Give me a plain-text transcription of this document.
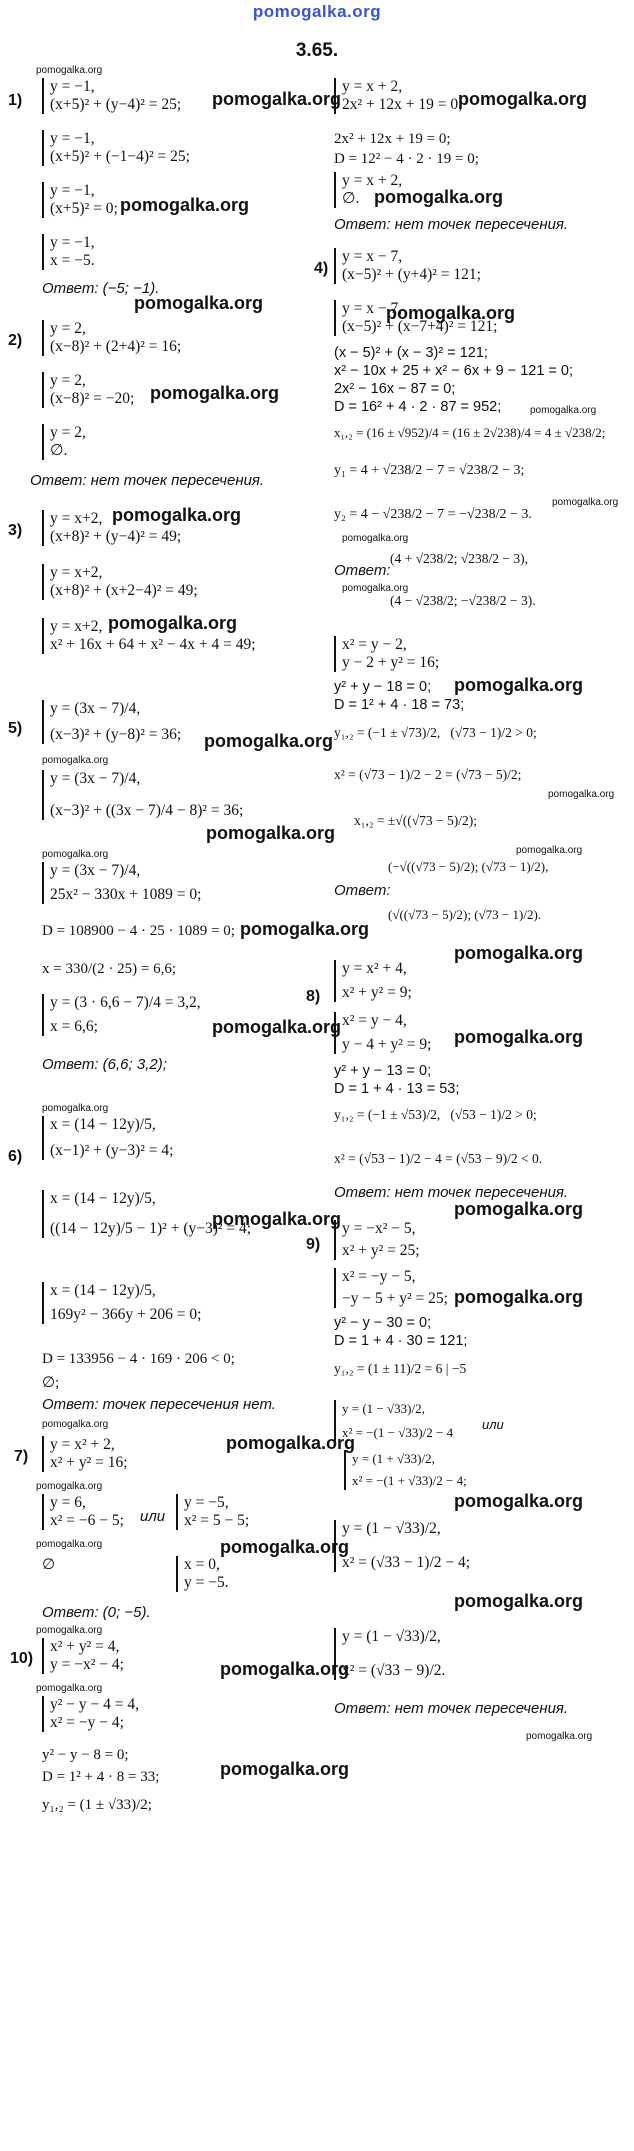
pomogalka.org
3.65.
pomogalka.org
1)
y = −1,
(x+5)² + (y−4)² = 25; pomogalka.org
y = −1,
(x+5)² + (−1−4)² = 25;
y = −1,
(x+5)² = 0; pomogalka.org
y = −1,
x = −5.
Ответ: (−5; −1).
pomogalka.org
2)
y = 2,
(x−8)² + (2+4)² = 16;
y = 2,
(x−8)² = −20; pomogalka.org
y = 2,
∅.
Ответ: нет точек пересечения.
3)
y = x+2,
(x+8)² + (y−4)² = 49;
pomogalka.org
y = x+2,
(x+8)² + (x+2−4)² = 49;
y = x+2,
x² + 16x + 64 + x² − 4x + 4 = 49;
pomogalka.org
5)
y = (3x − 7)/4,
(x−3)² + (y−8)² = 36; pomogalka.org
pomogalka.org
y = (3x − 7)/4,
(x−3)² + ((3x − 7)/4 − 8)² = 36;
pomogalka.org
pomogalka.org
y = (3x − 7)/4,
25x² − 330x + 1089 = 0;
D = 108900 − 4 · 25 · 1089 = 0; pomogalka.org
x = 330/(2 · 25) = 6,6;
y = (3 · 6,6 − 7)/4 = 3,2,
x = 6,6;	pomogalka.org
Ответ: (6,6; 3,2);
pomogalka.org
6)
x = (14 − 12y)/5,
(x−1)² + (y−3)² = 4;
x = (14 − 12y)/5,
((14 − 12y)/5 − 1)² + (y−3)² = 4;
pomogalka.org
x = (14 − 12y)/5,
169y² − 366y + 206 = 0;
D = 133956 − 4 · 169 · 206 < 0;
∅;
Ответ: точек пересечения нет.
pomogalka.org
pomogalka.org
7)
y = x² + 2,
x² + y² = 16;
pomogalka.org
y = 6,
x² = −6 − 5; или
y = −5,
x² = 5 − 5;
pomogalka.org	pomogalka.org
∅	x = 0,
y = −5.
Ответ: (0; −5).
pomogalka.org
10)
x² + y² = 4,
y = −x² − 4;	pomogalka.org
pomogalka.org
y² − y − 4 = 4,
x² = −y − 4;
y² − y − 8 = 0;
pomogalka.org
D = 1² + 4 · 8 = 33;
y₁,₂ = (1 ± √33)/2;
y = x + 2,
2x² + 12x + 19 = 0;
pomogalka.org
2x² + 12x + 19 = 0;
D = 12² − 4 · 2 · 19 = 0;
y = x + 2,
∅. pomogalka.org
Ответ: нет точек пересечения.
4)
y = x − 7,
(x−5)² + (y+4)² = 121;
y = x − 7,
(x−5)² + (x−7+4)² = 121;
pomogalka.org
(x − 5)² + (x − 3)² = 121;
x² − 10x + 25 + x² − 6x + 9 − 121 = 0;
2x² − 16x − 87 = 0;
D = 16² + 4 · 2 · 87 = 952;	pomogalka.org
x₁,₂ = (16 ± √952)/4 = (16 ± 2√238)/4 = 4 ± √238/2;
y₁ = 4 + √238/2 − 7 = √238/2 − 3;
pomogalka.org
y₂ = 4 − √238/2 − 7 = −√238/2 − 3.
pomogalka.org
Ответ:
(4 + √238/2; √238/2 − 3),
pomogalka.org
(4 − √238/2; −√238/2 − 3).
x² = y − 2,
y − 2 + y² = 16;
y² + y − 18 = 0; pomogalka.org
D = 1² + 4 · 18 = 73;
y₁,₂ = (−1 ± √73)/2,   (√73 − 1)/2 > 0;
x² = (√73 − 1)/2 − 2 = (√73 − 5)/2;
pomogalka.org
x₁,₂ = ±√((√73 − 5)/2);
pomogalka.org
Ответ:
(−√((√73 − 5)/2); (√73 − 1)/2),
(√((√73 − 5)/2); (√73 − 1)/2).
pomogalka.org
8)
y = x² + 4,
x² + y² = 9;
x² = y − 4,
y − 4 + y² = 9; pomogalka.org
y² + y − 13 = 0;
D = 1 + 4 · 13 = 53;
y₁,₂ = (−1 ± √53)/2,   (√53 − 1)/2 > 0;
x² = (√53 − 1)/2 − 4 = (√53 − 9)/2 < 0.
Ответ: нет точек пересечения.
pomogalka.org
9)
y = −x² − 5,
x² + y² = 25;
x² = −y − 5,
−y − 5 + y² = 25; pomogalka.org
y² − y − 30 = 0;
D = 1 + 4 · 30 = 121;
y₁,₂ = (1 ± 11)/2 = 6 | −5
y = (1 − √33)/2,
x² = −(1 − √33)/2 − 4
или
y = (1 + √33)/2,
x² = −(1 + √33)/2 − 4;
pomogalka.org
y = (1 − √33)/2,
x² = (√33 − 1)/2 − 4;
pomogalka.org
y = (1 − √33)/2,
x² = (√33 − 9)/2.
Ответ: нет точек пересечения.
pomogalka.org
